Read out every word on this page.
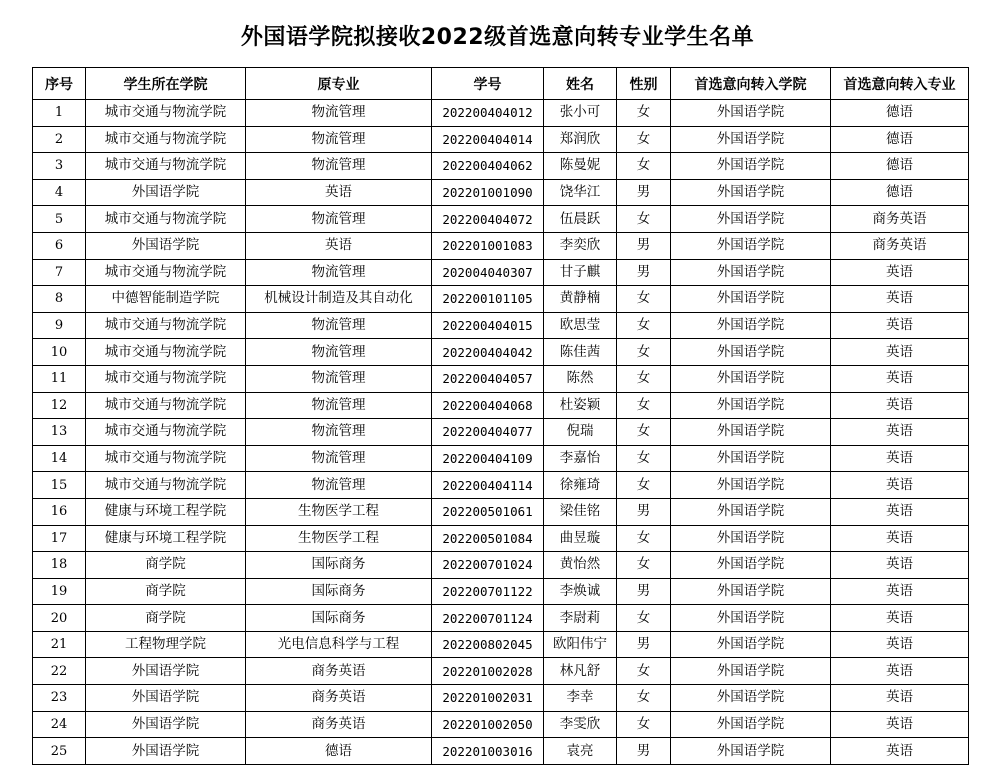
外国语学院拟接收2022级首选意向转专业学生名单
序号	学生所在学院	原专业	学号	姓名	性别	首选意向转入学院	首选意向转入专业
1	城市交通与物流学院	物流管理	202200404012	张小可	女	外国语学院	德语
2	城市交通与物流学院	物流管理	202200404014	郑润欣	女	外国语学院	德语
3	城市交通与物流学院	物流管理	202200404062	陈曼妮	女	外国语学院	德语
4	外国语学院	英语	202201001090	饶华江	男	外国语学院	德语
5	城市交通与物流学院	物流管理	202200404072	伍晨跃	女	外国语学院	商务英语
6	外国语学院	英语	202201001083	李奕欣	男	外国语学院	商务英语
7	城市交通与物流学院	物流管理	202004040307	甘子麒	男	外国语学院	英语
8	中德智能制造学院	机械设计制造及其自动化	202200101105	黄静楠	女	外国语学院	英语
9	城市交通与物流学院	物流管理	202200404015	欧思莹	女	外国语学院	英语
10	城市交通与物流学院	物流管理	202200404042	陈佳茜	女	外国语学院	英语
11	城市交通与物流学院	物流管理	202200404057	陈然	女	外国语学院	英语
12	城市交通与物流学院	物流管理	202200404068	杜姿颖	女	外国语学院	英语
13	城市交通与物流学院	物流管理	202200404077	倪瑞	女	外国语学院	英语
14	城市交通与物流学院	物流管理	202200404109	李嘉怡	女	外国语学院	英语
15	城市交通与物流学院	物流管理	202200404114	徐雍琦	女	外国语学院	英语
16	健康与环境工程学院	生物医学工程	202200501061	梁佳铭	男	外国语学院	英语
17	健康与环境工程学院	生物医学工程	202200501084	曲昱璇	女	外国语学院	英语
18	商学院	国际商务	202200701024	黄怡然	女	外国语学院	英语
19	商学院	国际商务	202200701122	李焕诚	男	外国语学院	英语
20	商学院	国际商务	202200701124	李尉莉	女	外国语学院	英语
21	工程物理学院	光电信息科学与工程	202200802045	欧阳伟宁	男	外国语学院	英语
22	外国语学院	商务英语	202201002028	林凡舒	女	外国语学院	英语
23	外国语学院	商务英语	202201002031	李幸	女	外国语学院	英语
24	外国语学院	商务英语	202201002050	李雯欣	女	外国语学院	英语
25	外国语学院	德语	202201003016	袁亮	男	外国语学院	英语
